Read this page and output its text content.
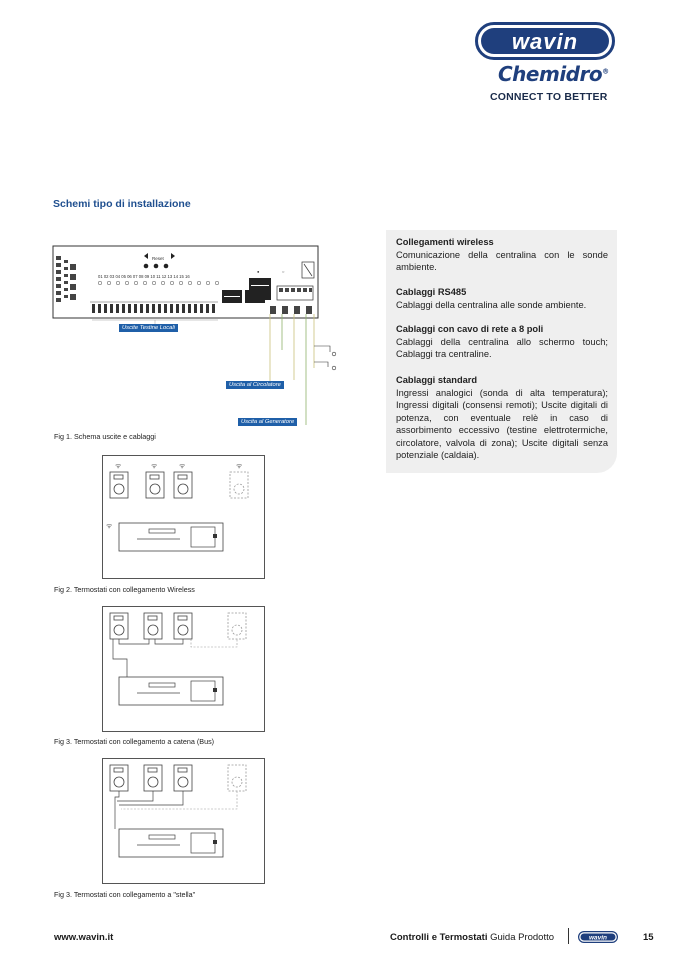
wavin
Chemidro®
CONNECT TO BETTER
Schemi tipo di installazione
Collegamenti wireless
Comunicazione della centralina con le sonde ambiente.
Cablaggi RS485
Cablaggi della centralina alle sonde ambiente.
Cablaggi con cavo di rete a 8 poli
Cablaggi della centralina allo schermo touch; Cablaggi tra centraline.
Cablaggi standard
Ingressi analogici (sonda di alta temperatura); Ingressi digitali (consensi remoti); Uscite digitali di potenza, con eventuale relè in caso di assorbimento eccessivo (testine elettrotermiche, circolatore, valvola di zona); Uscite digitali senza potenziale (caldaia).
Reset
01 02 03 04 05 06 07 08 09 10 11 12 13 14 15 16
●	○
Uscite Testine Locali
Uscita al Circolatore
Uscita al Generatore
Fig 1. Schema uscite e cablaggi
ᯤ	ᯤ	ᯤ	ᯤ
ᯤ
Fig 2. Termostati con collegamento Wireless
Fig 3. Termostati con collegamento a catena (Bus)
Fig 3. Termostati con collegamento a "stella"
www.wavin.it	Controlli e Termostati Guida Prodotto	wavin	15
